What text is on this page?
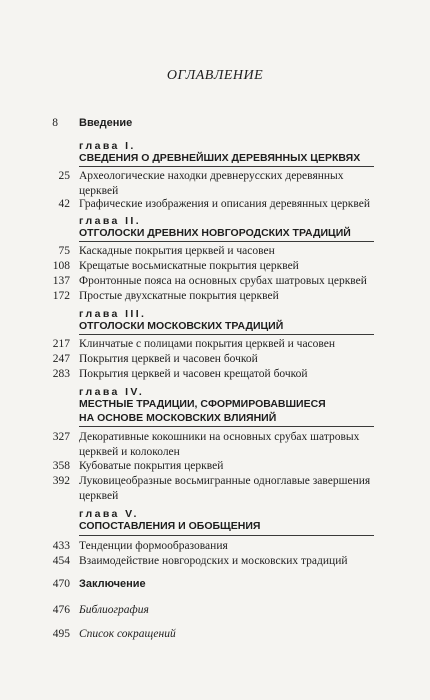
ОГЛАВЛЕНИЕ
8 Введение
глава I.
СВЕДЕНИЯ О ДРЕВНЕЙШИХ ДЕРЕВЯННЫХ ЦЕРКВЯХ
25 Археологические находки древнерусских деревянных
церквей
42 Графические изображения и описания деревянных церквей
глава II.
ОТГОЛОСКИ ДРЕВНИХ НОВГОРОДСКИХ ТРАДИЦИЙ
75 Каскадные покрытия церквей и часовен
108 Крещатые восьмискатные покрытия церквей
137 Фронтонные пояса на основных срубах шатровых церквей
172 Простые двухскатные покрытия церквей
глава III.
ОТГОЛОСКИ МОСКОВСКИХ ТРАДИЦИЙ
217 Клинчатые с полицами покрытия церквей и часовен
247 Покрытия церквей и часовен бочкой
283 Покрытия церквей и часовен крещатой бочкой
глава IV.
МЕСТНЫЕ ТРАДИЦИИ, СФОРМИРОВАВШИЕСЯ
НА ОСНОВЕ МОСКОВСКИХ ВЛИЯНИЙ
327 Декоративные кокошники на основных срубах шатровых
церквей и колоколен
358 Кубоватые покрытия церквей
392 Луковицеобразные восьмигранные одноглавые завершения
церквей
глава V.
СОПОСТАВЛЕНИЯ И ОБОБЩЕНИЯ
433 Тенденции формообразования
454 Взаимодействие новгородских и московских традиций
470 Заключение
476 Библиография
495 Список сокращений
